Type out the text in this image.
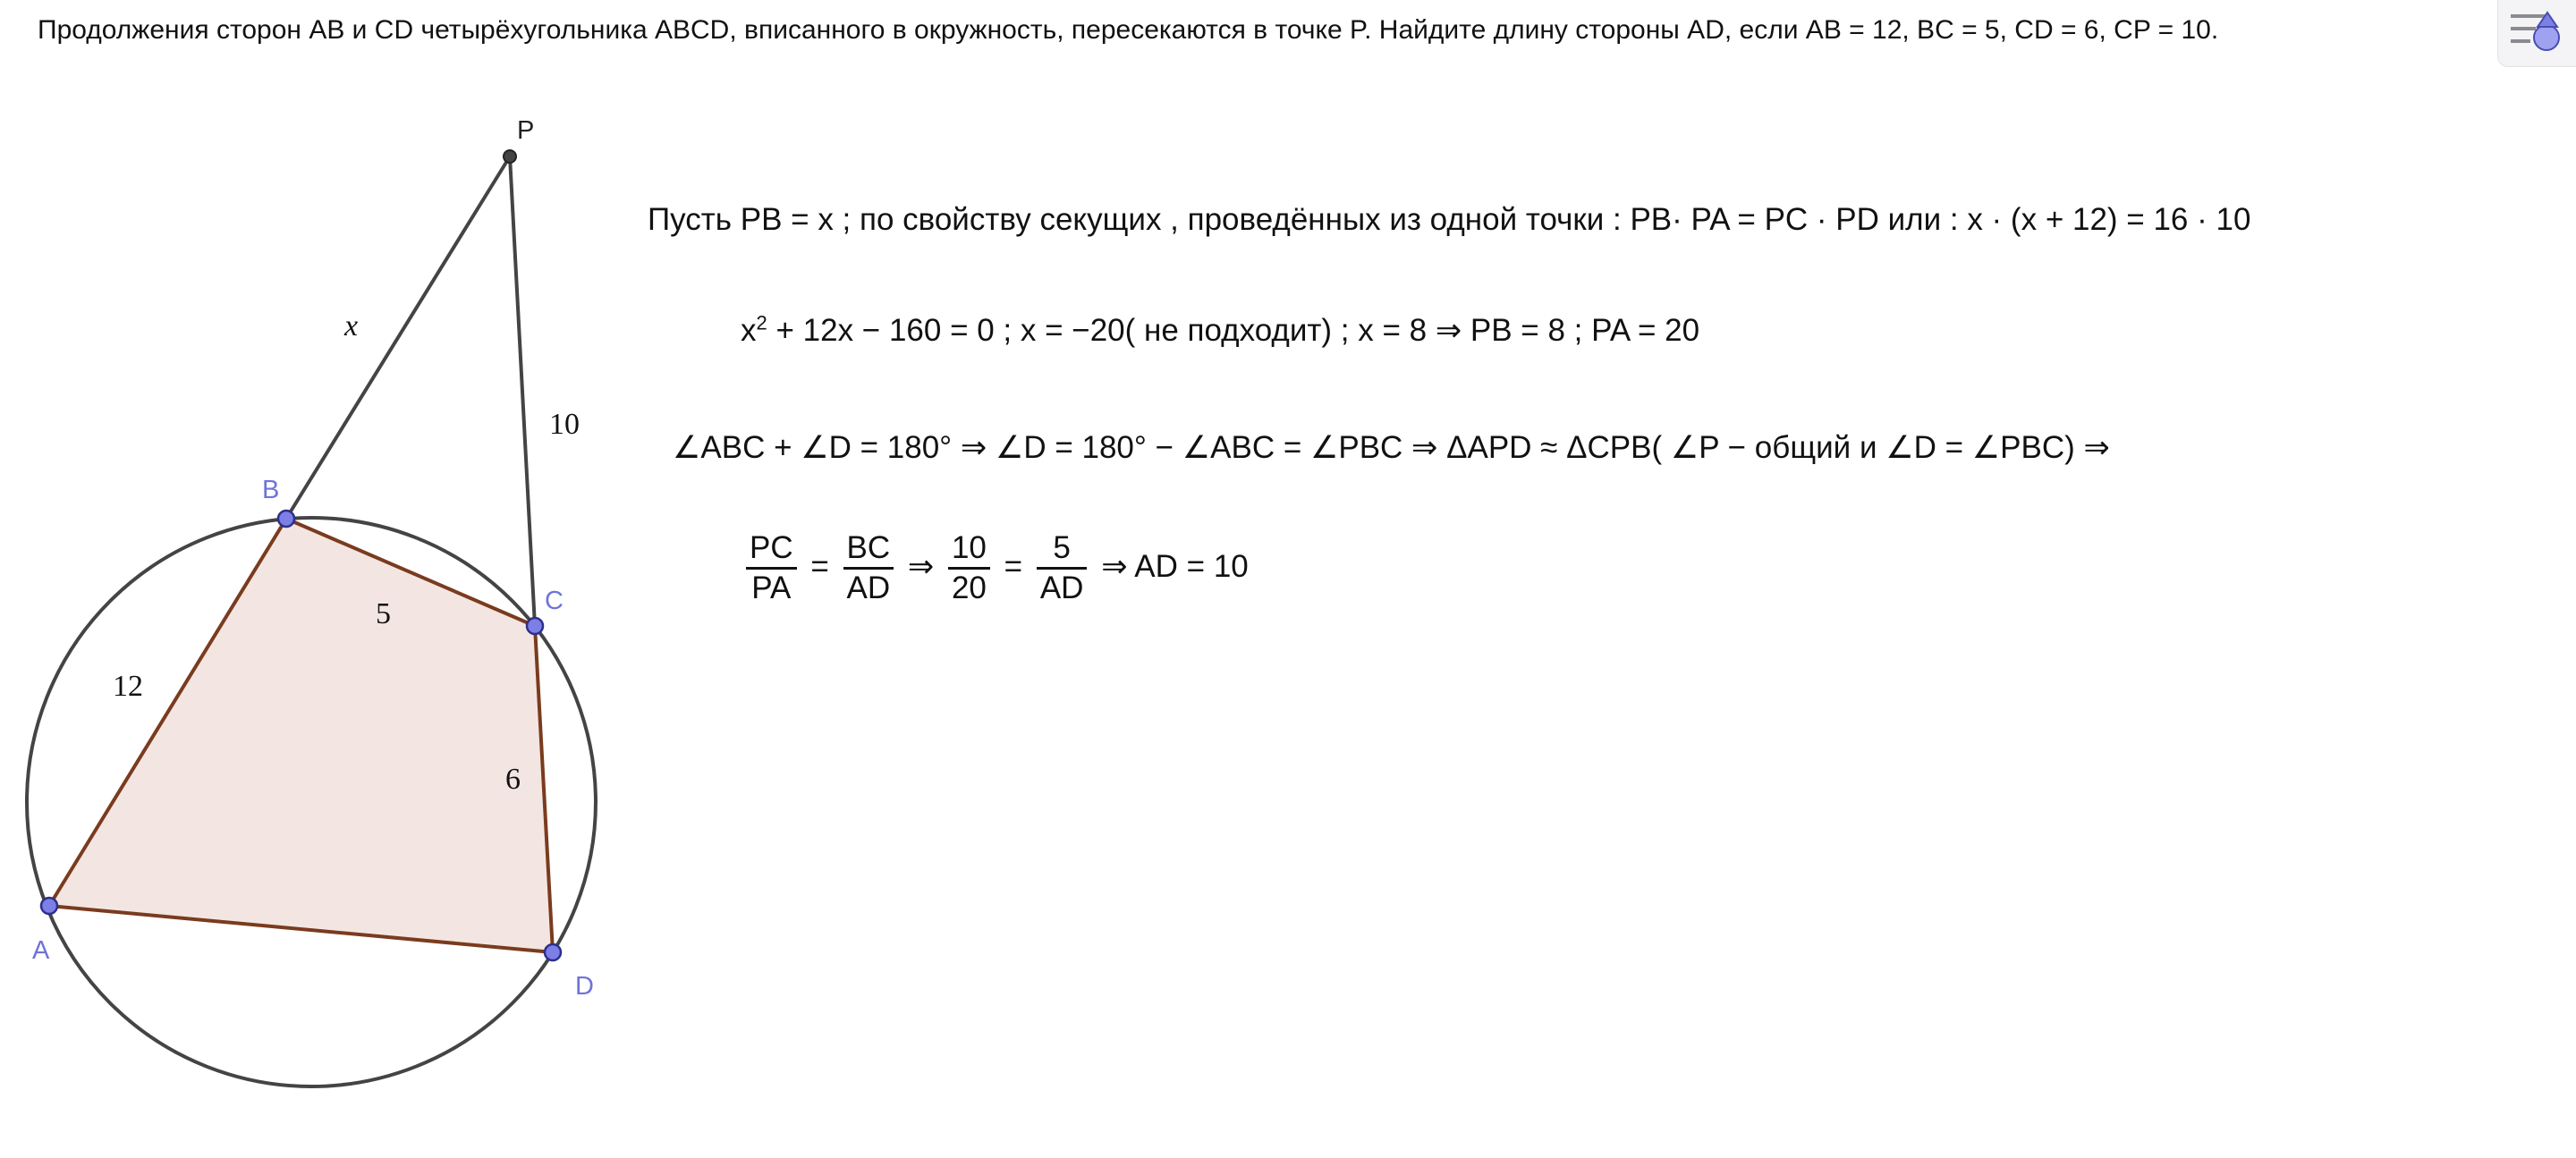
Продолжения сторон AB и CD четырёхугольника ABCD, вписанного в окружность, пересекаются в точке P. Найдите длину стороны AD, если AB = 12, BC = 5, CD = 6, CP = 10.
P
B
C
A
D
x
10
12
5
6
Пусть PB = x ; по свойству секущих , проведённых из одной точки : PB· PA = PC · PD или : x · (x + 12) = 16 · 10
$x^2 + 12x - 160 = 0$ ; x = −20( не подходит) ; x = 8 ⇒ PB = 8 ; PA = 20
∠ABC + ∠D = 180° ⇒ ∠D = 180° − ∠ABC = ∠PBC ⇒ ΔAPD ≈ ΔCPB( ∠P − общий и ∠D = ∠PBC) ⇒
$\frac{PC}{PA} = \frac{BC}{AD}$ ⇒ $\frac{10}{20} = \frac{5}{AD}$ ⇒ AD = 10
